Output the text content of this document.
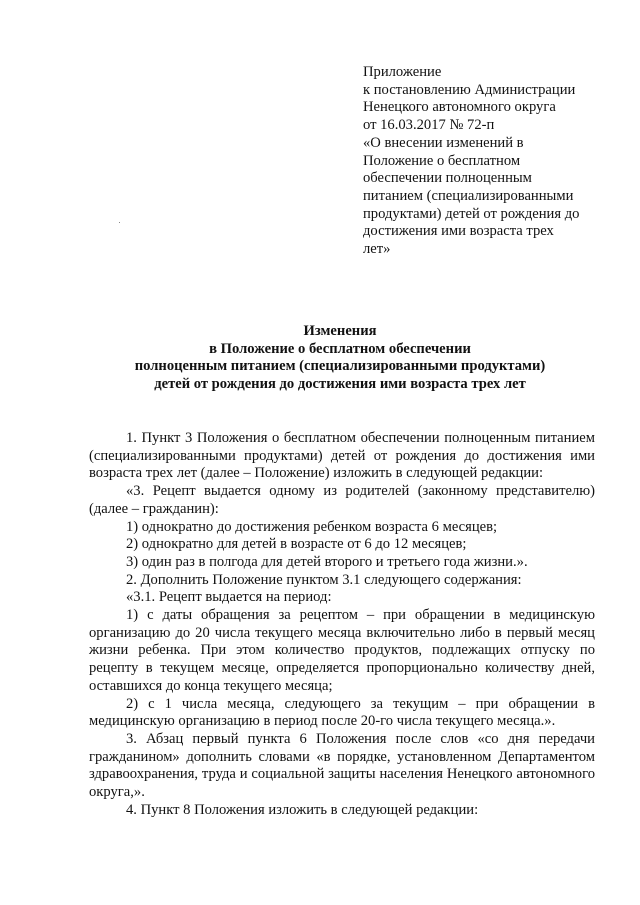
Приложение
к постановлению Администрации
Ненецкого автономного округа
от 16.03.2017 № 72-п
«О внесении изменений в
Положение о бесплатном
обеспечении полноценным
питанием (специализированными
продуктами) детей от рождения до
достижения ими возраста трех
лет»
Изменения
в Положение о бесплатном обеспечении
полноценным питанием (специализированными продуктами)
детей от рождения до достижения ими возраста трех лет

1. Пункт 3 Положения о бесплатном обеспечении полноценным питанием (специализированными продуктами) детей от рождения до достижения ими возраста трех лет (далее – Положение) изложить в следующей редакции:

«3. Рецепт выдается одному из родителей (законному представителю) (далее – гражданин):

1) однократно до достижения ребенком возраста 6 месяцев;

2) однократно для детей в возрасте от 6 до 12 месяцев;

3) один раз в полгода для детей второго и третьего года жизни.».

2. Дополнить Положение пунктом 3.1 следующего содержания:

«3.1. Рецепт выдается на период:

1) с даты обращения за рецептом – при обращении в медицинскую организацию до 20 числа текущего месяца включительно либо в первый месяц жизни ребенка. При этом количество продуктов, подлежащих отпуску по рецепту в текущем месяце, определяется пропорционально количеству дней, оставшихся до конца текущего месяца;

2) с 1 числа месяца, следующего за текущим – при обращении в медицинскую организацию в период после 20-го числа текущего месяца.».

3. Абзац первый пункта 6 Положения после слов «со дня передачи гражданином» дополнить словами «в порядке, установленном Департаментом здравоохранения, труда и социальной защиты населения Ненецкого автономного округа,».

4. Пункт 8 Положения изложить в следующей редакции:
